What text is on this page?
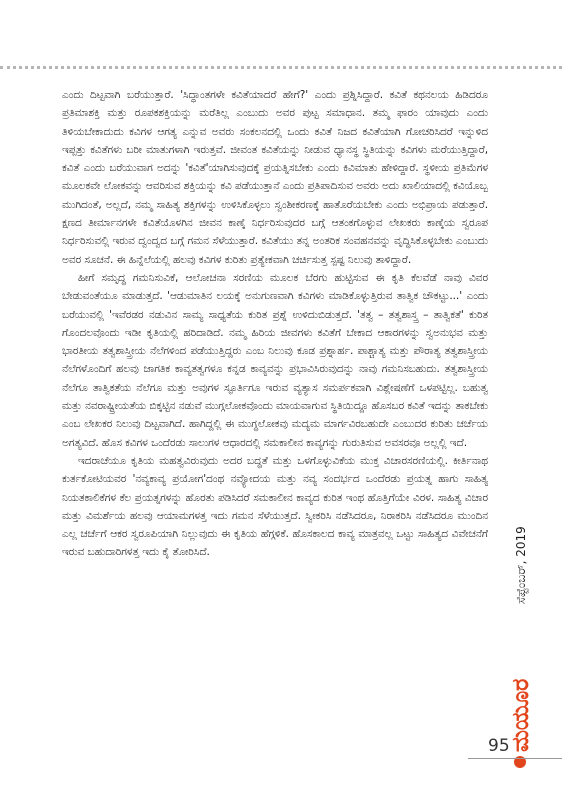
ಎಂದು ದಿಟ್ಟವಾಗಿ ಬರೆಯುತ್ತಾರೆ. 'ಸಿದ್ಧಾಂತಗಳೇ ಕವಿತೆಯಾದರೆ ಹೇಗೆ?' ಎಂದು ಪ್ರಶ್ನಿಸಿದ್ದಾರೆ. ಕವಿತೆ ಕಥನಲಯ ಹಿಡಿದರೂ ಪ್ರತಿಮಾಶಕ್ತಿ ಮತ್ತು ರೂಪಕಶಕ್ತಿಯನ್ನು ಮರೆತಿಲ್ಲ ಎಂಬುದು ಅವರ ಪುಟ್ಟ ಸಮಾಧಾನ. ತಮ್ಮ ಫಾರಂ ಯಾವುದು ಎಂದು ತಿಳಿಯಬೇಕಾದುದು ಕವಿಗಳ ಆಗತ್ಯ ಎನ್ನುವ ಅವರು ಸಂಕಲನದಲ್ಲಿ ಒಂದು ಕವಿತೆ ನಿಜದ ಕವಿತೆಯಾಗಿ ಗೋಚರಿಸಿದರೆ ಇನ್ನುಳಿದ ಇಪ್ಪತ್ತು ಕವಿತೆಗಳು ಬರೀ ಮಾತುಗಳಾಗಿ ಇರುತ್ತವೆ. ಜೀವಂತ ಕವಿತೆಯನ್ನು ನೀಡುವ ಧ್ಯಾನಸ್ಥ ಸ್ಥಿತಿಯನ್ನು ಕವಿಗಳು ಮರೆಯುತ್ತಿದ್ದಾರೆ, ಕವಿತೆ ಎಂದು ಬರೆಯುವಾಗ ಅದನ್ನು 'ಕವಿತೆ'ಯಾಗಿಸುವುದಕ್ಕೆ ಪ್ರಯತ್ನಿಸಬೇಕು ಎಂದು ಕಿವಿಮಾತು ಹೇಳಿದ್ದಾರೆ. ಸ್ಥಳೀಯ ಪ್ರತಿಮೆಗಳ ಮೂಲಕವೇ ಲೋಕವನ್ನು ಆವರಿಸುವ ಶಕ್ತಿಯನ್ನು ಕವಿ ಪಡೆಯುತ್ತಾನೆ ಎಂದು ಪ್ರತಿಪಾದಿಸುವ ಅವರು ಅದು ಖಾಲಿಯಾದಲ್ಲಿ ಕವಿಯೊಬ್ಬ ಮುಗಿದಂತೆ, ಅಲ್ಲದೆ, ನಮ್ಮ ಸಾಹಿತ್ಯ ಶಕ್ತಿಗಳನ್ನು ಉಳಿಸಿಕೊಳ್ಳಲು ಸ್ವಂಶೀಕರಣಕ್ಕೆ ಹಾತೊರೆಯಬೇಕು ಎಂದು ಅಭಿಪ್ರಾಯ ಪಡುತ್ತಾರೆ. ಕ್ಷಣದ ತೀರ್ಮಾನಗಳೇ ಕವಿತೆಯೊಳಗಿನ ಜೀವನ ಕಾಣ್ಕೆ ನಿರ್ಧರಿಸುವುದರ ಬಗ್ಗೆ ಆತಂಕಗೊಳ್ಳುವ ಲೇಖಕರು ಕಾಣ್ಕೆಯ ಸ್ವರೂಪ ನಿರ್ಧರಿಸುವಲ್ಲಿ ಇರುವ ದ್ವಂದ್ವದ ಬಗ್ಗೆ ಗಮನ ಸೆಳೆಯುತ್ತಾರೆ. ಕವಿತೆಯು ತನ್ನ ಅಂತರಿಕ ಸಂವಹನವನ್ನು ವೃದ್ಧಿಸಿಕೊಳ್ಳಬೇಕು ಎಂಬುದು ಅವರ ಸೂಚನೆ. ಈ ಹಿನ್ನೆಲೆಯಲ್ಲಿ ಹಲವು ಕವಿಗಳ ಕುರಿತು ಪ್ರತ್ಯೇಕವಾಗಿ ಚರ್ಚಿಸುತ್ತ ಸ್ಪಷ್ಟ ನಿಲುವು ತಾಳಿದ್ದಾರೆ.

ಹೀಗೆ ಸಮೃದ್ಧ ಗಮನಿಸುವಿಕೆ, ಆಲೋಚನಾ ಸರಣಿಯ ಮೂಲಕ ಬೆರಗು ಹುಟ್ಟಿಸುವ ಈ ಕೃತಿ ಕೆಲವೆಡೆ ನಾವು ವಿವರ ಬೇಡುವಂತೆಯೂ ಮಾಡುತ್ತದೆ. 'ಆಡುಮಾತಿನ ಲಯಕ್ಕೆ ಅನುಗುಣವಾಗಿ ಕವಿಗಳು ಮಾಡಿಕೊಳ್ಳುತ್ತಿರುವ ತಾತ್ವಿಕ ಚೌಕಟ್ಟು...' ಎಂದು ಬರೆಯುವಲ್ಲಿ 'ಇವೆರಡರ ನಡುವಿನ ಸಾಮ್ಯ ಸಾಧ್ಯತೆಯ ಕುರಿತ ಪ್ರಶ್ನೆ ಉಳಿದುಬಿಡುತ್ತದೆ. 'ತತ್ವ – ತತ್ವಶಾಸ್ತ್ರ – ತಾತ್ವಿಕತೆ' ಕುರಿತ ಗೊಂದಲವೊಂದು ಇಡೀ ಕೃತಿಯಲ್ಲಿ ಹರಿದಾಡಿದೆ. ನಮ್ಮ ಹಿರಿಯ ಜೀವಗಳು ಕವಿತೆಗೆ ಬೇಕಾದ ಆಕಾರಗಳನ್ನು ಸ್ವಅನುಭವ ಮತ್ತು ಭಾರತೀಯ ತತ್ವಶಾಸ್ತ್ರೀಯ ನೆಲೆಗಳಿಂದ ಪಡೆಯುತ್ತಿದ್ದರು ಎಂಬ ನಿಲುವು ಕೂಡ ಪ್ರಶ್ನಾರ್ಹ. ಪಾಶ್ಚಾತ್ಯ ಮತ್ತು ಪೌರಾತ್ಯ ತತ್ವಶಾಸ್ತ್ರೀಯ ನೆಲೆಗಳೊಂದಿಗೆ ಹಲವು ಜಾಗತಿಕ ಕಾವ್ಯತತ್ವಗಳೂ ಕನ್ನಡ ಕಾವ್ಯವನ್ನು ಪ್ರಭಾವಿಸಿರುವುದನ್ನು ನಾವು ಗಮನಿಸಬಹುದು. ತತ್ವಶಾಸ್ತ್ರೀಯ ನೆಲೆಗೂ ತಾತ್ವಿಕತೆಯ ನೆಲೆಗೂ ಮತ್ತು ಅವುಗಳ ಸ್ಫೂರ್ತಿಗೂ ಇರುವ ವ್ಯತ್ಯಾಸ ಸಮರ್ಪಕವಾಗಿ ವಿಶ್ಲೇಷಣೆಗೆ ಒಳಪಟ್ಟಿಲ್ಲ. ಬಹುತ್ವ ಮತ್ತು ನವರಾಷ್ಟ್ರೀಯತೆಯ ಬಿಕ್ಕಟ್ಟಿನ ನಡುವೆ ಮುಗ್ಗಲೋಕವೊಂದು ಮಾಯವಾಗುವ ಸ್ಥಿತಿಯಿದ್ದೂ ಹೊಸಬರ ಕವಿತೆ ಇದನ್ನು ತಾಕಬೇಕು ಎಂಬ ಲೇಖಕರ ನಿಲುವು ದಿಟ್ಟವಾಗಿದೆ. ಹಾಗಿದ್ದಲ್ಲಿ ಈ ಮುಗ್ಧಲೋಕವು ಮದ್ಯಮ ಮಾರ್ಗವಿರಬಹುದೇ ಎಂಬುದರ ಕುರಿತು ಚರ್ಚೆಯ ಅಗತ್ಯವಿದೆ. ಹೊಸ ಕವಿಗಳ ಒಂದೆರಡು ಸಾಲುಗಳ ಆಧಾರದಲ್ಲಿ ಸಮಕಾಲೀನ ಕಾವ್ಯಗನ್ನು ಗುರುತಿಸುವ ಅವಸರವೂ ಅಲ್ಲಲ್ಲಿ ಇದೆ.

ಇದರಾಚೆಯೂ ಕೃತಿಯ ಮಹತ್ವವಿರುವುದು ಅದರ ಬದ್ಧತೆ ಮತ್ತು ಒಳಗೊಳ್ಳುವಿಕೆಯ ಮುಕ್ತ ವಿಚಾರಸರಣಿಯಲ್ಲಿ. ಕೀರ್ತಿನಾಥ ಕುರ್ತಕೋಟಿಯವರ 'ನವ್ಯಕಾವ್ಯ ಪ್ರಯೋಗ'ದಂಥ ನವ್ಯೋದಯ ಮತ್ತು ನವ್ಯ ಸಂದರ್ಭದ ಒಂದೆರಡು ಪ್ರಯತ್ನ ಹಾಗು ಸಾಹಿತ್ಯ ನಿಯತಕಾಲಿಕೆಗಳ ಕೆಲ ಪ್ರಯತ್ನಗಳನ್ನು ಹೊರತು ಪಡಿಸಿದರೆ ಸಮಕಾಲೀನ ಕಾವ್ಯದ ಕುರಿತ ಇಂಥ ಹೊತ್ತಿಗೆಯೇ ವಿರಳ. ಸಾಹಿತ್ಯ ವಿಚಾರ ಮತ್ತು ವಿಮರ್ಶೆಯ ಹಲವು ಆಯಾಮಗಳತ್ತ ಇದು ಗಮನ ಸೆಳೆಯುತ್ತದೆ. ಸ್ವೀಕರಿಸಿ ನಡೆಸಿದರೂ, ನಿರಾಕರಿಸಿ ನಡೆಸಿದರೂ ಮುಂದಿನ ಎಲ್ಲ ಚರ್ಚೆಗೆ ಆಕರ ಸ್ವರೂಪಿಯಾಗಿ ನಿಲ್ಲುವುದು ಈ ಕೃತಿಯ ಹೆಗ್ಗಳಿಕೆ. ಹೊಸಕಾಲದ ಕಾವ್ಯ ಮಾತ್ರವಲ್ಲ ಒಟ್ಟು ಸಾಹಿತ್ಯದ ವಿವೇಚನೆಗೆ ಇರುವ ಬಹುದಾರಿಗಳತ್ತ ಇದು ಕೈ ತೋರಿಸಿದೆ.	ಸೆಪ್ಟೆಂಬರ್, 2019
ಮಯೂರ
95
